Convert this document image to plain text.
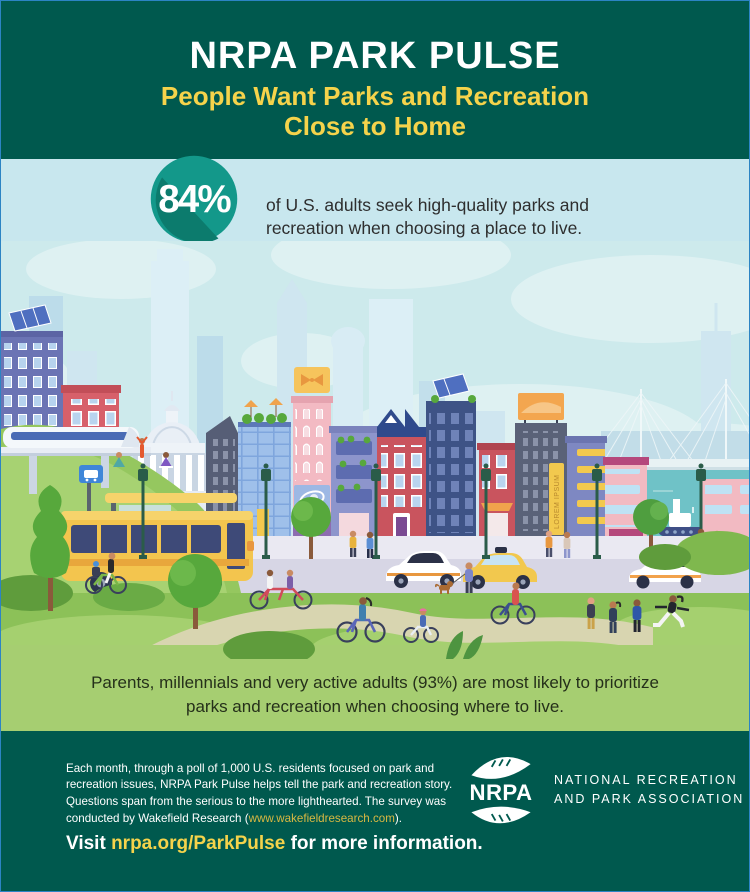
NRPA PARK PULSE

People Want Parks and Recreation
Close to Home

84% of U.S. adults seek high-quality parks and
recreation when choosing a place to live.

LOREM IPSUM

Parents, millennials and very active adults (93%) are most likely to prioritize
parks and recreation when choosing where to live.

Each month, through a poll of 1,000 U.S. residents focused on park and recreation issues, NRPA Park Pulse helps tell the park and recreation story. Questions span from the serious to the more lighthearted. The survey was conducted by Wakefield Research (www.wakefieldresearch.com).

Visit nrpa.org/ParkPulse for more information.

NRPA
NATIONAL RECREATION
AND PARK ASSOCIATION
